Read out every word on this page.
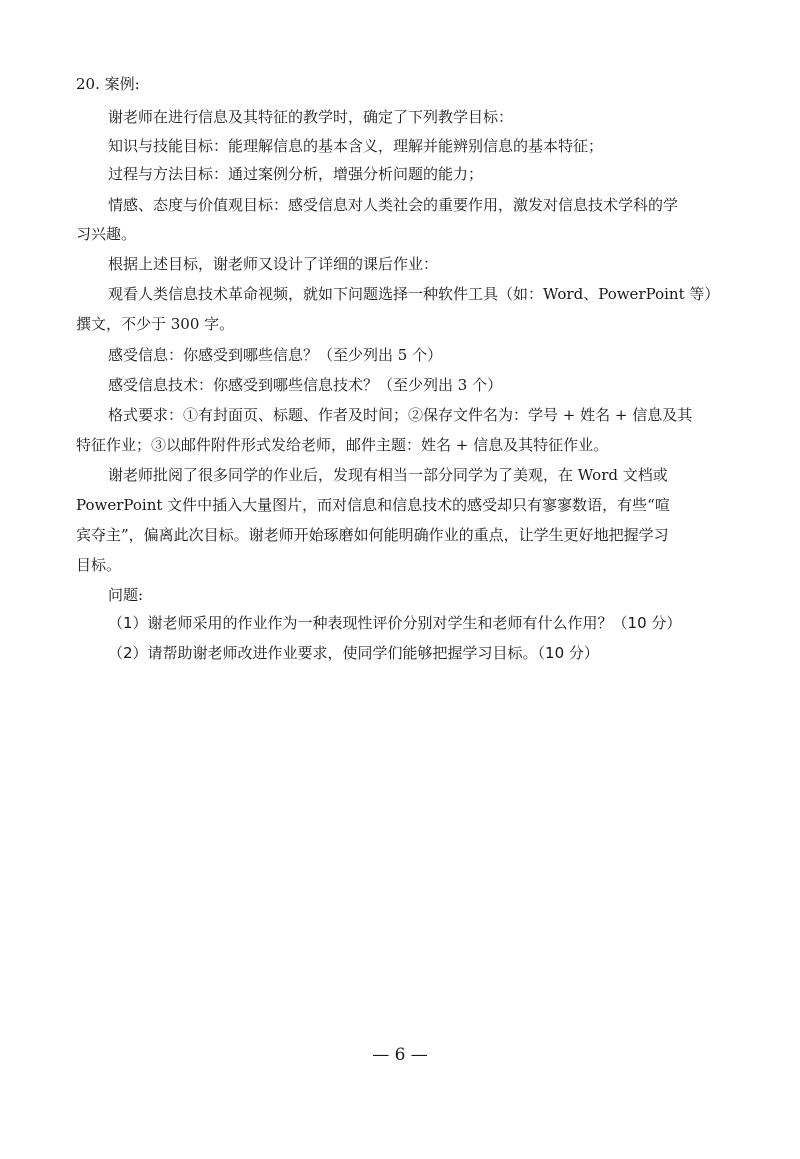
20. 案例:
谢老师在进行信息及其特征的教学时，确定了下列教学目标：
知识与技能目标：能理解信息的基本含义，理解并能辨别信息的基本特征；
过程与方法目标：通过案例分析，增强分析问题的能力；
情感、态度与价值观目标：感受信息对人类社会的重要作用，激发对信息技术学科的学
习兴趣。
根据上述目标，谢老师又设计了详细的课后作业：
观看人类信息技术革命视频，就如下问题选择一种软件工具（如：Word、PowerPoint 等）
撰文，不少于 300 字。
感受信息：你感受到哪些信息？（至少列出 5 个）
感受信息技术：你感受到哪些信息技术？（至少列出 3 个）
格式要求：①有封面页、标题、作者及时间；②保存文件名为：学号 + 姓名 + 信息及其
特征作业；③以邮件附件形式发给老师，邮件主题：姓名 + 信息及其特征作业。
谢老师批阅了很多同学的作业后，发现有相当一部分同学为了美观，在 Word 文档或
PowerPoint 文件中插入大量图片，而对信息和信息技术的感受却只有寥寥数语，有些“喧
宾夺主”，偏离此次目标。谢老师开始琢磨如何能明确作业的重点，让学生更好地把握学习
目标。
问题:
（1）谢老师采用的作业作为一种表现性评价分别对学生和老师有什么作用？（10 分）
（2）请帮助谢老师改进作业要求，使同学们能够把握学习目标。（10 分）
— 6 —
